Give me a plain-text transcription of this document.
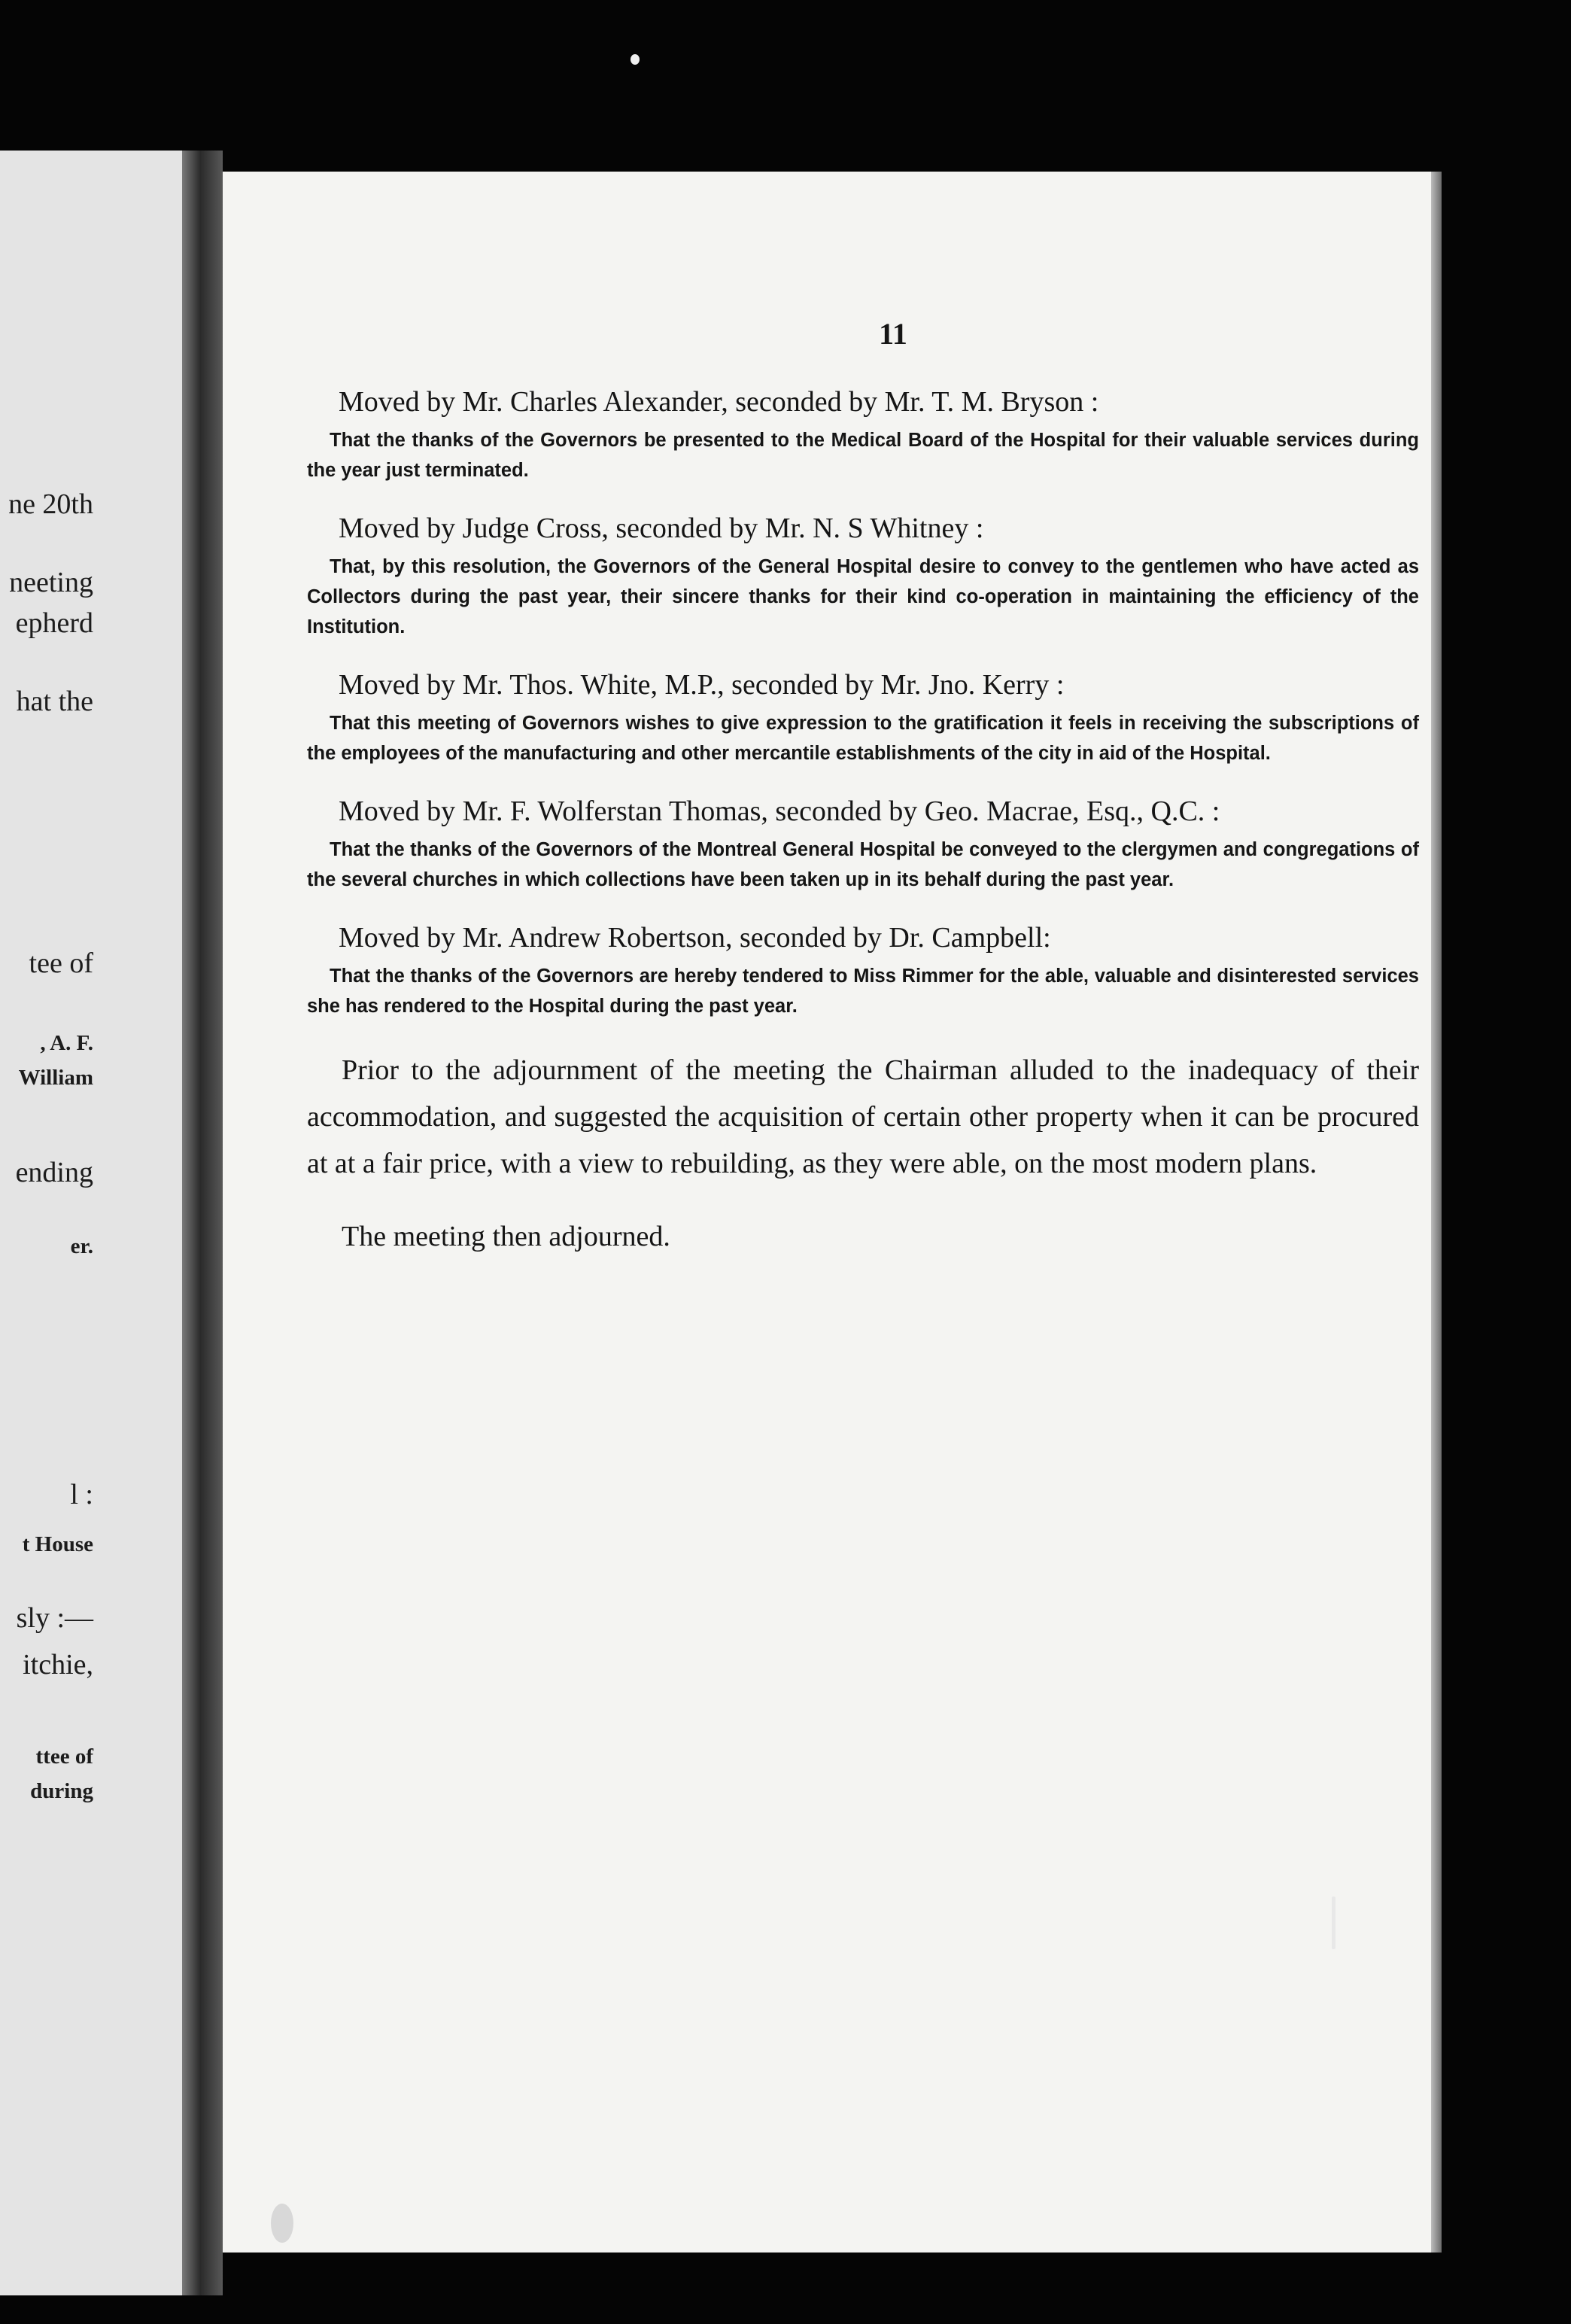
ne 20th
neeting
epherd
hat the
tee of
, A. F.
William
ending
er.
l :
t House
sly :—
itchie,
ttee of
during
11

Moved by Mr. Charles Alexander, seconded by Mr. T. M. Bryson :

That the thanks of the Governors be presented to the Medical Board of the Hospital for their valuable services during the year just terminated.

Moved by Judge Cross, seconded by Mr. N. S Whitney :

That, by this resolution, the Governors of the General Hospital desire to convey to the gentlemen who have acted as Collectors during the past year, their sincere thanks for their kind co-operation in maintaining the efficiency of the Institution.

Moved by Mr. Thos. White, M.P., seconded by Mr. Jno. Kerry :

That this meeting of Governors wishes to give expression to the gratification it feels in receiving the subscriptions of the employees of the manufacturing and other mercantile establishments of the city in aid of the Hospital.

Moved by Mr. F. Wolferstan Thomas, seconded by Geo. Macrae, Esq., Q.C. :

That the thanks of the Governors of the Montreal General Hospital be conveyed to the clergymen and congregations of the several churches in which collections have been taken up in its behalf during the past year.

Moved by Mr. Andrew Robertson, seconded by Dr. Campbell:

That the thanks of the Governors are hereby tendered to Miss Rimmer for the able, valuable and disinterested services she has rendered to the Hospital during the past year.

Prior to the adjournment of the meeting the Chairman alluded to the inadequacy of their accommodation, and suggested the acquisition of certain other property when it can be procured at at a fair price, with a view to rebuilding, as they were able, on the most modern plans.

The meeting then adjourned.
